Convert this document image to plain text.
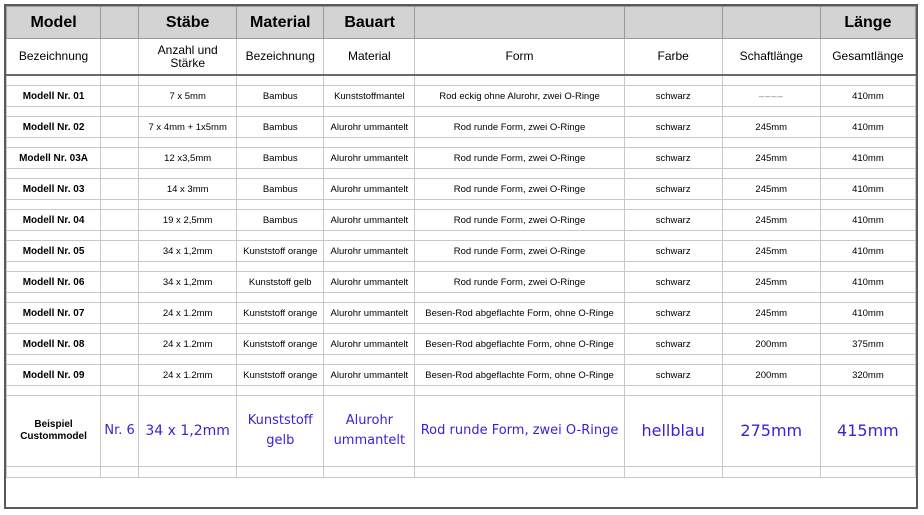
Model		Stäbe	Material	Bauart				Länge
Bezeichnung		Anzahl und Stärke	Bezeichnung	Material	Form	Farbe	Schaftlänge	Gesamtlänge

Modell Nr. 01		7 x 5mm	Bambus	Kunststoffmantel	Rod eckig ohne Alurohr, zwei O-Ringe	schwarz	––––	410mm

Modell Nr. 02		7 x 4mm + 1x5mm	Bambus	Alurohr ummantelt	Rod runde Form, zwei O-Ringe	schwarz	245mm	410mm

Modell Nr. 03A		12 x3,5mm	Bambus	Alurohr ummantelt	Rod runde Form, zwei O-Ringe	schwarz	245mm	410mm

Modell Nr. 03		14 x 3mm	Bambus	Alurohr ummantelt	Rod runde Form, zwei O-Ringe	schwarz	245mm	410mm

Modell Nr. 04		19 x 2,5mm	Bambus	Alurohr ummantelt	Rod runde Form, zwei O-Ringe	schwarz	245mm	410mm

Modell Nr. 05		34 x 1,2mm	Kunststoff orange	Alurohr ummantelt	Rod runde Form, zwei O-Ringe	schwarz	245mm	410mm

Modell Nr. 06		34 x 1,2mm	Kunststoff gelb	Alurohr ummantelt	Rod runde Form, zwei O-Ringe	schwarz	245mm	410mm

Modell Nr. 07		24 x 1.2mm	Kunststoff orange	Alurohr ummantelt	Besen-Rod abgeflachte Form, ohne O-Ringe	schwarz	245mm	410mm

Modell Nr. 08		24 x 1.2mm	Kunststoff orange	Alurohr ummantelt	Besen-Rod abgeflachte Form, ohne O-Ringe	schwarz	200mm	375mm

Modell Nr. 09		24 x 1.2mm	Kunststoff orange	Alurohr ummantelt	Besen-Rod abgeflachte Form, ohne O-Ringe	schwarz	200mm	320mm

Beispiel Custommodel	Nr. 6	34 x 1,2mm	Kunststoff gelb	Alurohr ummantelt	Rod runde Form, zwei O-Ringe	hellblau	275mm	415mm
